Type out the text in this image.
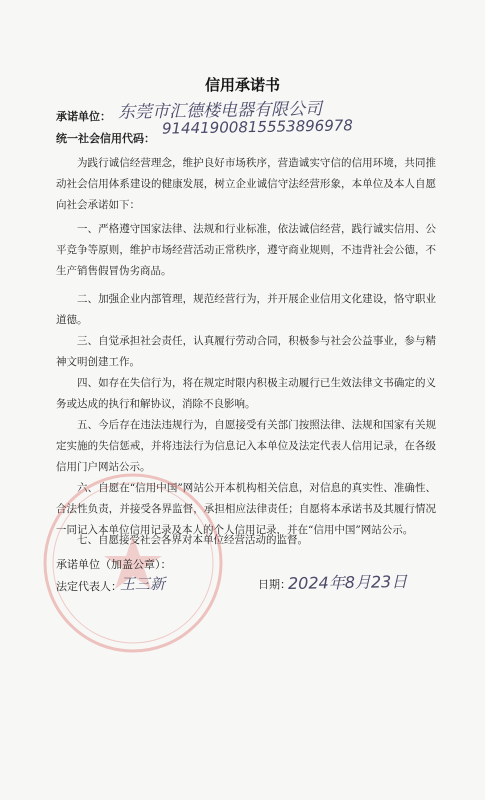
信用承诺书
承诺单位： 东莞市汇德楼电器有限公司
统一社会信用代码：
91441900815553896978

为践行诚信经营理念，维护良好市场秩序，营造诚实守信的信用环境，共同推动社会信用体系建设的健康发展，树立企业诚信守法经营形象，本单位及本人自愿向社会承诺如下：

一、严格遵守国家法律、法规和行业标准，依法诚信经营，践行诚实信用、公平竞争等原则，维护市场经营活动正常秩序，遵守商业规则，不违背社会公德，不生产销售假冒伪劣商品。

二、加强企业内部管理，规范经营行为，并开展企业信用文化建设，恪守职业道德。

三、自觉承担社会责任，认真履行劳动合同，积极参与社会公益事业，参与精神文明创建工作。

四、如存在失信行为，将在规定时限内积极主动履行已生效法律文书确定的义务或达成的执行和解协议，消除不良影响。

五、今后存在违法违规行为，自愿接受有关部门按照法律、法规和国家有关规定实施的失信惩戒，并将违法行为信息记入本单位及法定代表人信用记录，在各级信用门户网站公示。

六、自愿在“信用中国”网站公开本机构相关信息，对信息的真实性、准确性、合法性负责，并接受各界监督，承担相应法律责任；自愿将本承诺书及其履行情况一同记入本单位信用记录及本人的个人信用记录，并在“信用中国”网站公示。

七、自愿接受社会各界对本单位经营活动的监督。

承诺单位（加盖公章）：
法定代表人：
王三新	日期：
2024年8月23日
